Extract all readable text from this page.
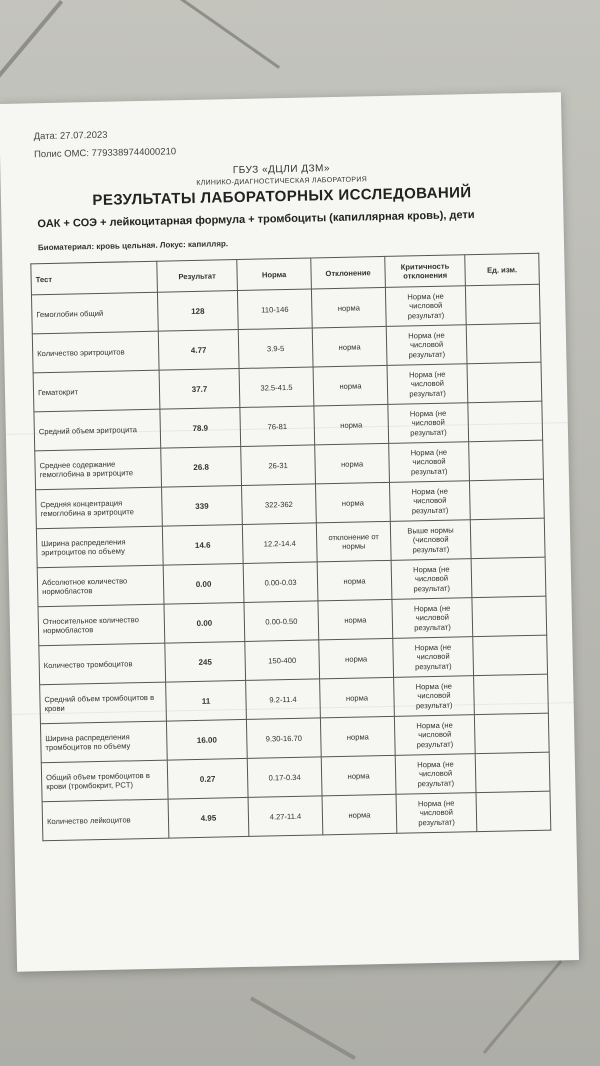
Дата: 27.07.2023
Полис ОМС: 7793389744000210
ГБУЗ «ДЦЛИ ДЗМ»
КЛИНИКО-ДИАГНОСТИЧЕСКАЯ ЛАБОРАТОРИЯ
РЕЗУЛЬТАТЫ ЛАБОРАТОРНЫХ ИССЛЕДОВАНИЙ
ОАК + СОЭ + лейкоцитарная формула + тромбоциты (капиллярная кровь), дети
Биоматериал: кровь цельная. Локус: капилляр.
Тест	Результат	Норма	Отклонение	Критичность отклонения	Ед. изм.
Гемоглобин общий	128	110-146	норма	Норма (не числовой результат)	
Количество эритроцитов	4.77	3.9-5	норма	Норма (не числовой результат)	
Гематокрит	37.7	32.5-41.5	норма	Норма (не числовой результат)	
Средний объем эритроцита	78.9	76-81	норма	Норма (не числовой результат)	
Среднее содержание гемоглобина в эритроците	26.8	26-31	норма	Норма (не числовой результат)	
Средняя концентрация гемоглобина в эритроците	339	322-362	норма	Норма (не числовой результат)	
Ширина распределения эритроцитов по объему	14.6	12.2-14.4	отклонение от нормы	Выше нормы (числовой результат)	
Абсолютное количество нормобластов	0.00	0.00-0.03	норма	Норма (не числовой результат)	
Относительное количество нормобластов	0.00	0.00-0.50	норма	Норма (не числовой результат)	
Количество тромбоцитов	245	150-400	норма	Норма (не числовой результат)	
Средний объем тромбоцитов в крови	11	9.2-11.4	норма	Норма (не числовой результат)	
Ширина распределения тромбоцитов по объему	16.00	9.30-16.70	норма	Норма (не числовой результат)	
Общий объем тромбоцитов в крови (тромбокрит, PCT)	0.27	0.17-0.34	норма	Норма (не числовой результат)	
Количество лейкоцитов	4.95	4.27-11.4	норма	Норма (не числовой результат)	
